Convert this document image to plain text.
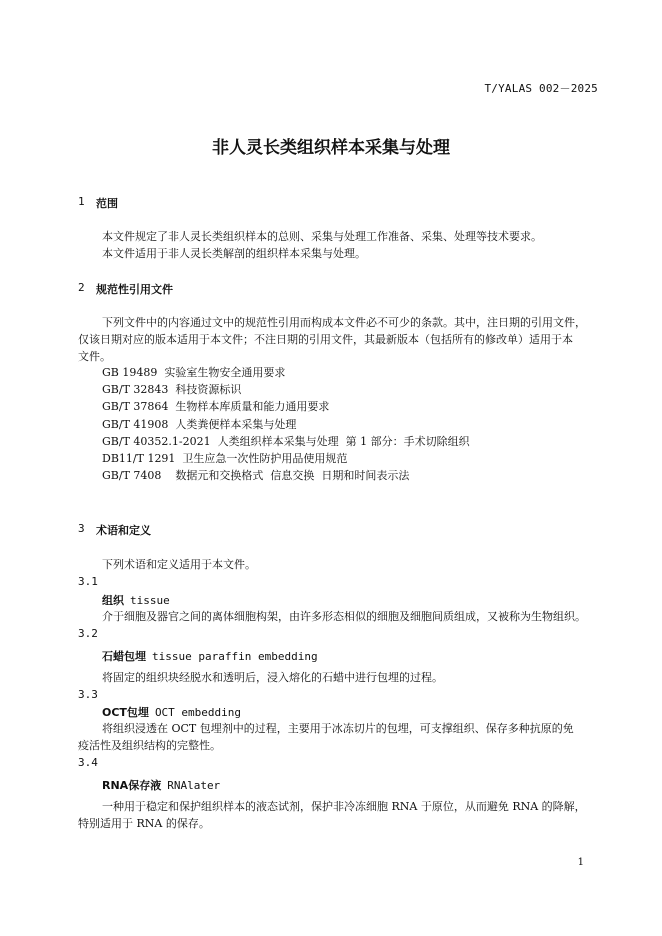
T/YALAS 002－2025
非人灵长类组织样本采集与处理
1 范围
本文件规定了非人灵长类组织样本的总则、采集与处理工作准备、采集、处理等技术要求。
本文件适用于非人灵长类解剖的组织样本采集与处理。
2 规范性引用文件
下列文件中的内容通过文中的规范性引用而构成本文件必不可少的条款。其中，注日期的引用文件，
仅该日期对应的版本适用于本文件；不注日期的引用文件，其最新版本（包括所有的修改单）适用于本
文件。
GB 19489  实验室生物安全通用要求
GB/T 32843  科技资源标识
GB/T 37864  生物样本库质量和能力通用要求
GB/T 41908  人类粪便样本采集与处理
GB/T 40352.1-2021  人类组织样本采集与处理  第 1 部分：手术切除组织
DB11/T 1291  卫生应急一次性防护用品使用规范
GB/T 7408    数据元和交换格式  信息交换  日期和时间表示法
3 术语和定义
下列术语和定义适用于本文件。
3.1
组织 tissue
介于细胞及器官之间的离体细胞构架，由许多形态相似的细胞及细胞间质组成，又被称为生物组织。
3.2
石蜡包埋 tissue paraffin embedding
将固定的组织块经脱水和透明后，浸入熔化的石蜡中进行包埋的过程。
3.3
OCT包埋 OCT embedding
将组织浸透在 OCT 包埋剂中的过程，主要用于冰冻切片的包埋，可支撑组织、保存多种抗原的免
疫活性及组织结构的完整性。
3.4
RNA保存液 RNAlater
一种用于稳定和保护组织样本的液态试剂，保护非冷冻细胞 RNA 于原位，从而避免 RNA 的降解，
特别适用于 RNA 的保存。
1
